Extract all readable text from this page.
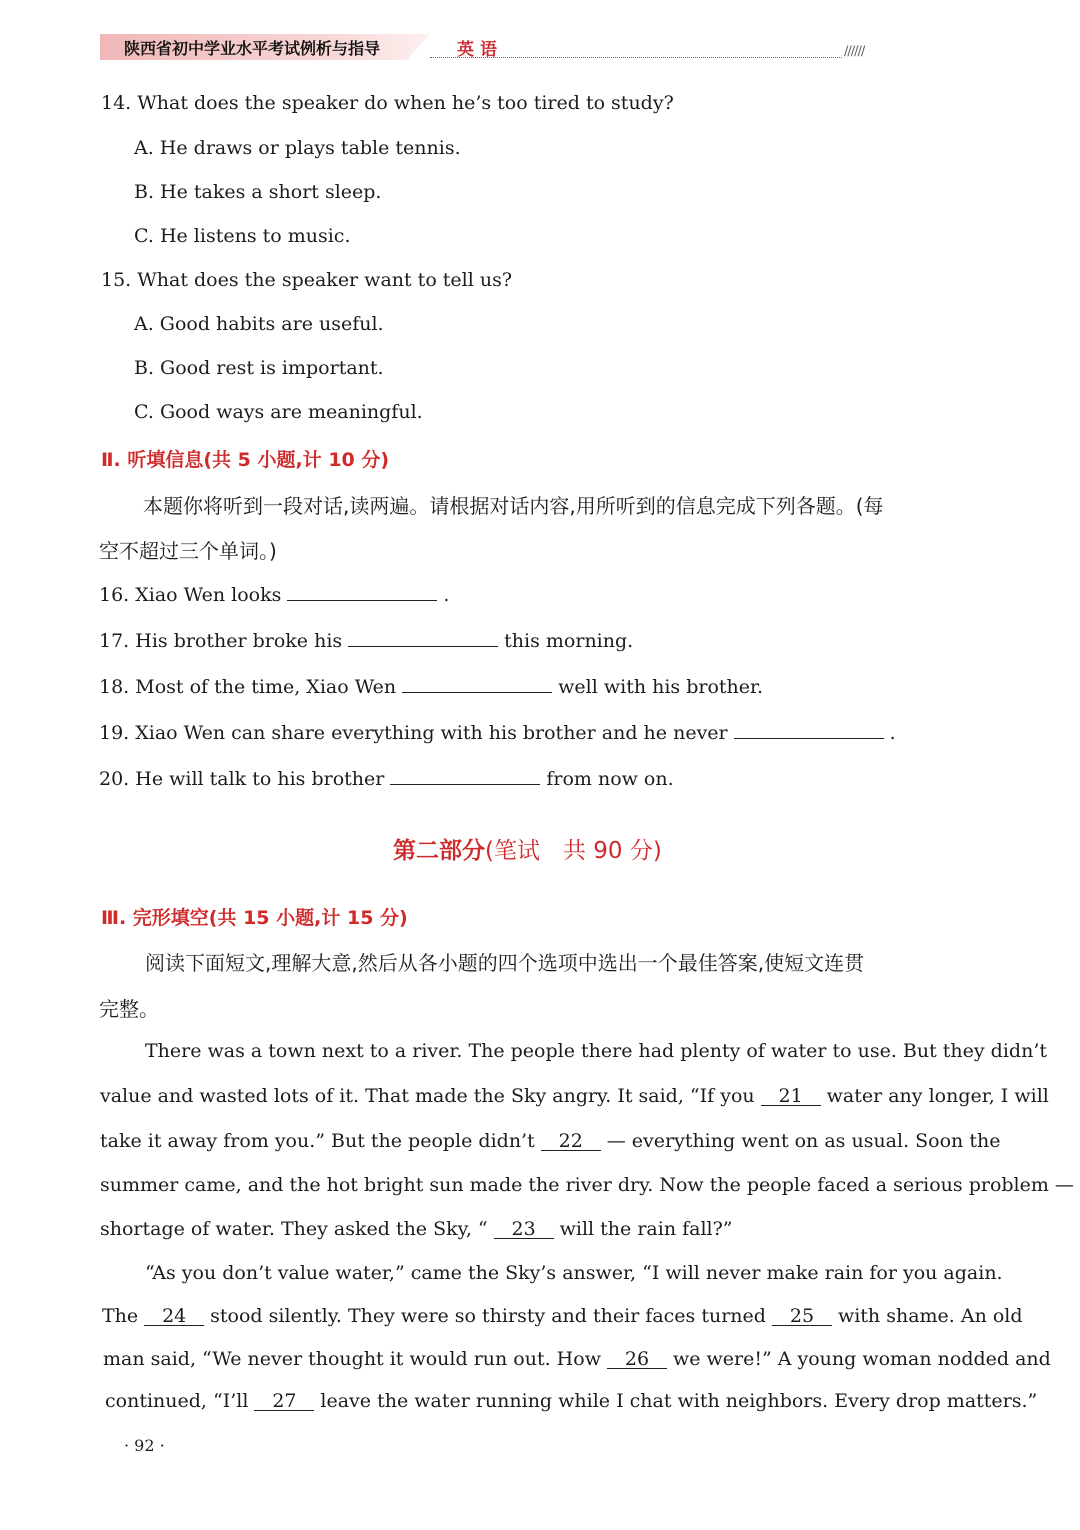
陕西省初中学业水平考试例析与指导	英语	//////
14. What does the speaker do when he’s too tired to study?
A. He draws or plays table tennis.
B. He takes a short sleep.
C. He listens to music.
15. What does the speaker want to tell us?
A. Good habits are useful.
B. Good rest is important.
C. Good ways are meaningful.
Ⅱ. 听填信息(共 5 小题,计 10 分)
本题你将听到一段对话,读两遍。请根据对话内容,用所听到的信息完成下列各题。(每
空不超过三个单词。)
16. Xiao Wen looks	.
17. His brother broke his	this morning.
18. Most of the time, Xiao Wen	well with his brother.
19. Xiao Wen can share everything with his brother and he never	.
20. He will talk to his brother	from now on.
第二部分(笔试　共 90 分)
Ⅲ. 完形填空(共 15 小题,计 15 分)
阅读下面短文,理解大意,然后从各小题的四个选项中选出一个最佳答案,使短文连贯
完整。
There was a town next to a river. The people there had plenty of water to use. But they didn’t
value and wasted lots of it. That made the Sky angry. It said, “If you 21 water any longer, I will
take it away from you.” But the people didn’t 22 — everything went on as usual. Soon the
summer came, and the hot bright sun made the river dry. Now the people faced a serious problem —
shortage of water. They asked the Sky, “ 23 will the rain fall?”
“As you don’t value water,” came the Sky’s answer, “I will never make rain for you again.
The 24 stood silently. They were so thirsty and their faces turned 25 with shame. An old
man said, “We never thought it would run out. How 26 we were!” A young woman nodded and
continued, “I’ll 27 leave the water running while I chat with neighbors. Every drop matters.”
· 92 ·
